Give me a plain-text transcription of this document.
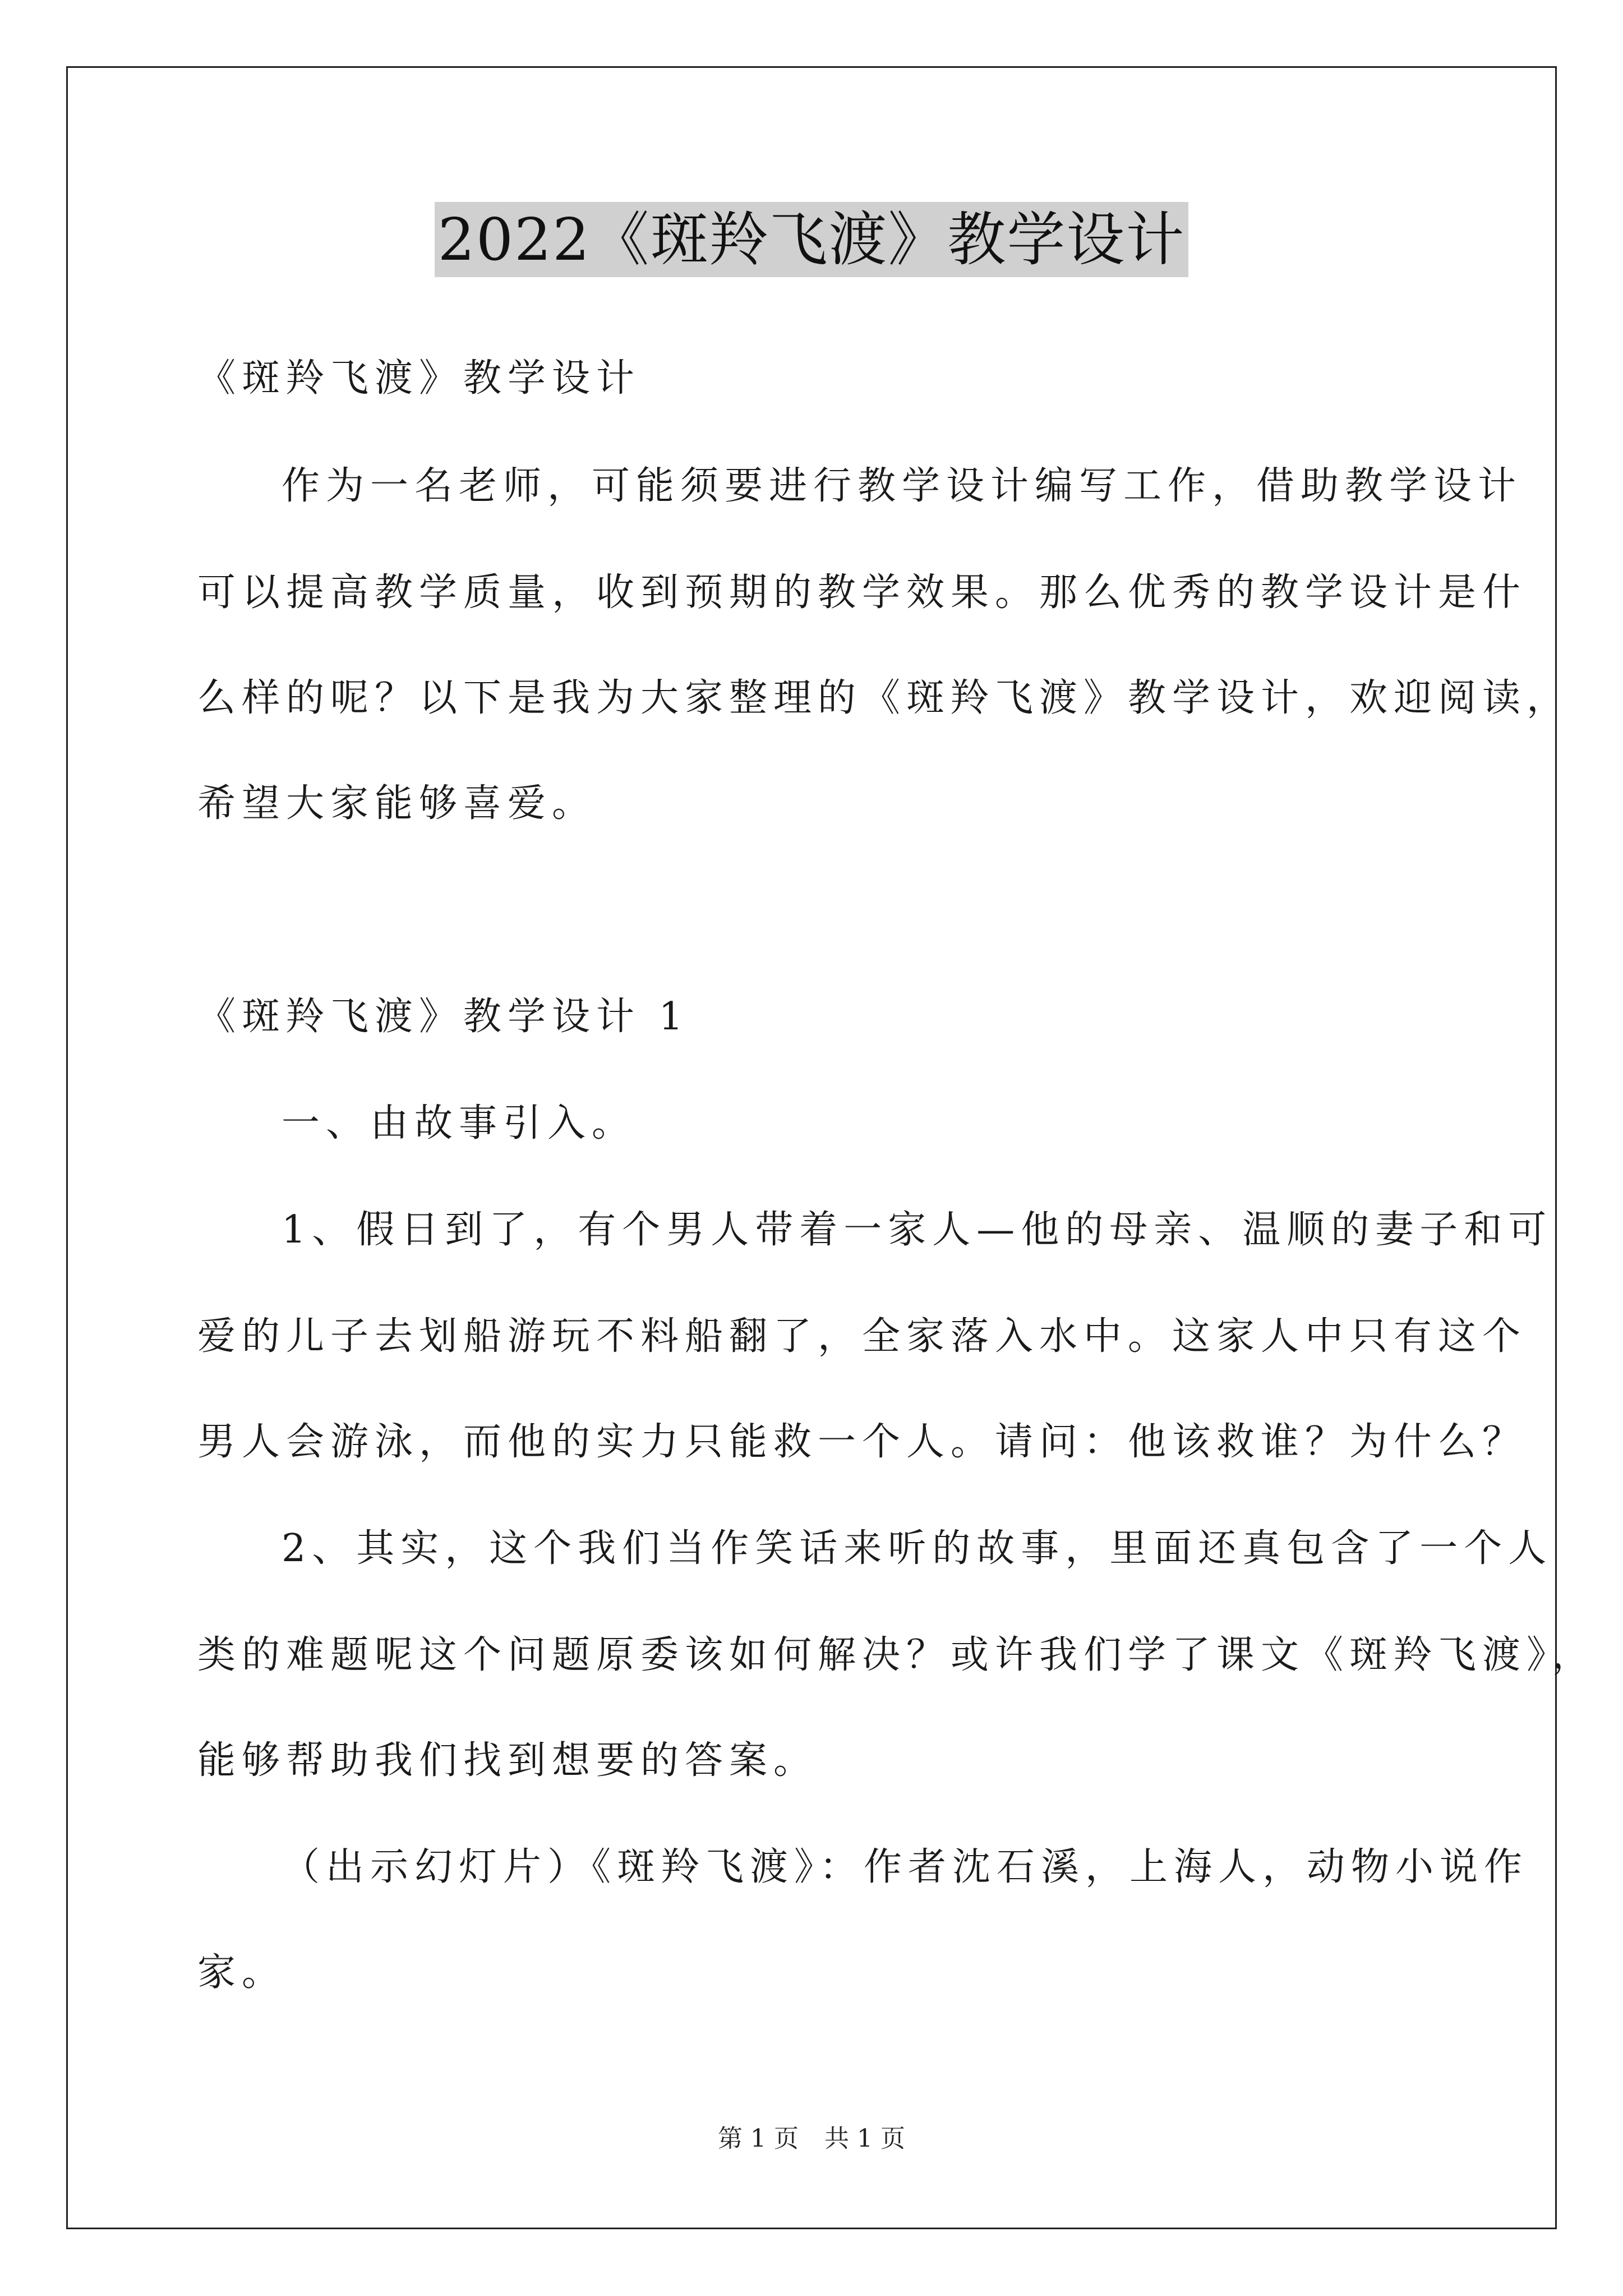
2022《斑羚飞渡》教学设计
《斑羚飞渡》教学设计
作为一名老师，可能须要进行教学设计编写工作，借助教学设计
可以提高教学质量，收到预期的教学效果。那么优秀的教学设计是什
么样的呢？以下是我为大家整理的《斑羚飞渡》教学设计，欢迎阅读，
希望大家能够喜爱。
《斑羚飞渡》教学设计 1
一、由故事引入。
1、假日到了，有个男人带着一家人—他的母亲、温顺的妻子和可
爱的儿子去划船游玩不料船翻了，全家落入水中。这家人中只有这个
男人会游泳，而他的实力只能救一个人。请问：他该救谁？为什么？
2、其实，这个我们当作笑话来听的故事，里面还真包含了一个人
类的难题呢这个问题原委该如何解决？或许我们学了课文《斑羚飞渡》，
能够帮助我们找到想要的答案。
（出示幻灯片）《斑羚飞渡》：作者沈石溪，上海人，动物小说作
家。
第 1 页 共 1 页
